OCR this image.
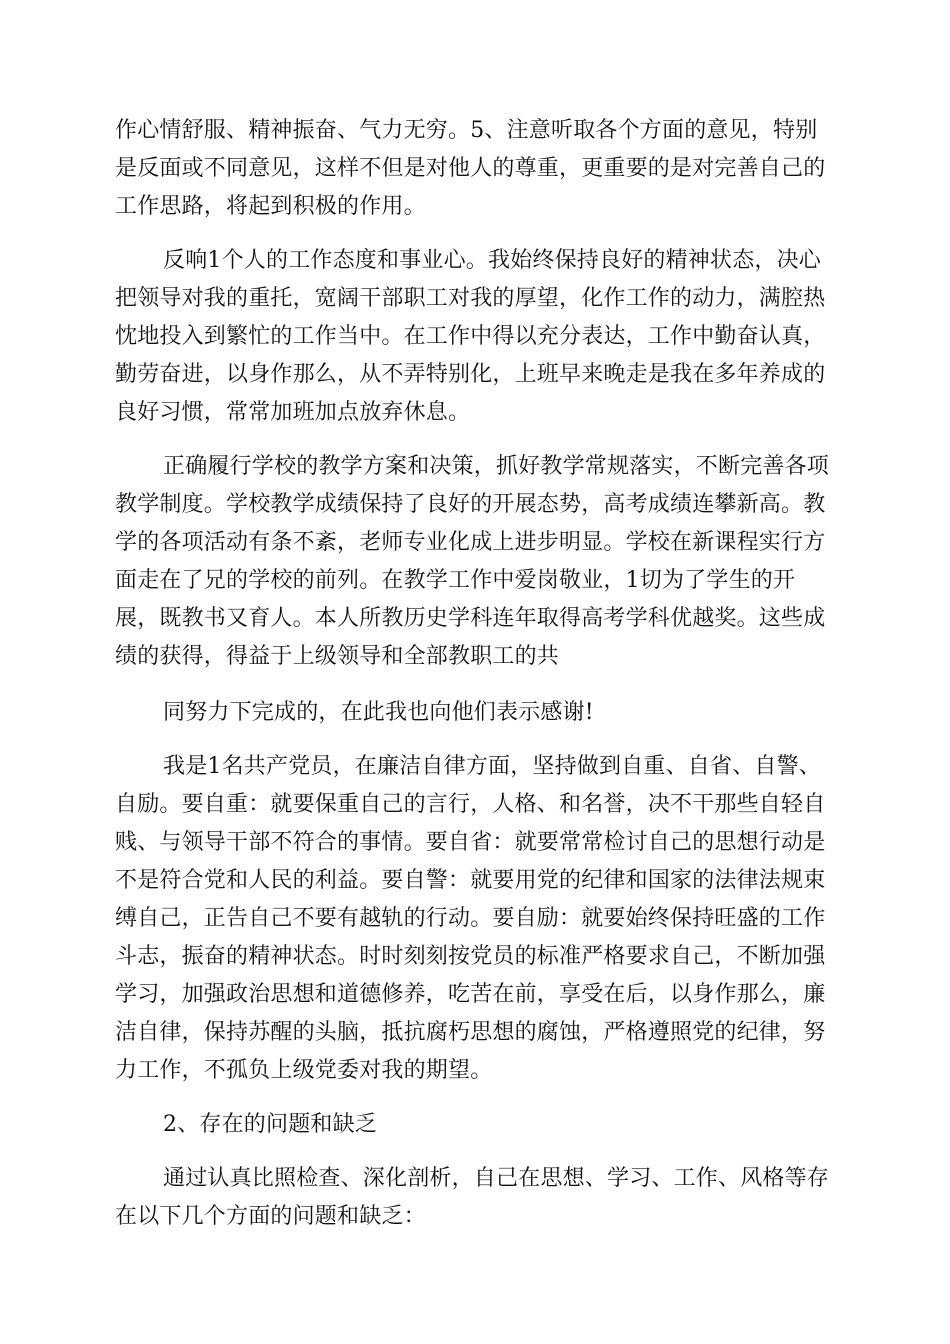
作心情舒服、精神振奋、气力无穷。5、注意听取各个方面的意见，特别
是反面或不同意见，这样不但是对他人的尊重，更重要的是对完善自己的
工作思路，将起到积极的作用。
反响1个人的工作态度和事业心。我始终保持良好的精神状态，决心
把领导对我的重托，宽阔干部职工对我的厚望，化作工作的动力，满腔热
忱地投入到繁忙的工作当中。在工作中得以充分表达，工作中勤奋认真，
勤劳奋进，以身作那么，从不弄特别化，上班早来晚走是我在多年养成的
良好习惯，常常加班加点放弃休息。
正确履行学校的教学方案和决策，抓好教学常规落实，不断完善各项
教学制度。学校教学成绩保持了良好的开展态势，高考成绩连攀新高。教
学的各项活动有条不紊，老师专业化成上进步明显。学校在新课程实行方
面走在了兄的学校的前列。在教学工作中爱岗敬业，1切为了学生的开
展，既教书又育人。本人所教历史学科连年取得高考学科优越奖。这些成
绩的获得，得益于上级领导和全部教职工的共
同努力下完成的，在此我也向他们表示感谢!
我是1名共产党员，在廉洁自律方面，坚持做到自重、自省、自警、
自励。要自重：就要保重自己的言行，人格、和名誉，决不干那些自轻自
贱、与领导干部不符合的事情。要自省：就要常常检讨自己的思想行动是
不是符合党和人民的利益。要自警：就要用党的纪律和国家的法律法规束
缚自己，正告自己不要有越轨的行动。要自励：就要始终保持旺盛的工作
斗志，振奋的精神状态。时时刻刻按党员的标准严格要求自己，不断加强
学习，加强政治思想和道德修养，吃苦在前，享受在后，以身作那么，廉
洁自律，保持苏醒的头脑，抵抗腐朽思想的腐蚀，严格遵照党的纪律，努
力工作，不孤负上级党委对我的期望。
2、存在的问题和缺乏
通过认真比照检查、深化剖析，自己在思想、学习、工作、风格等存
在以下几个方面的问题和缺乏：
